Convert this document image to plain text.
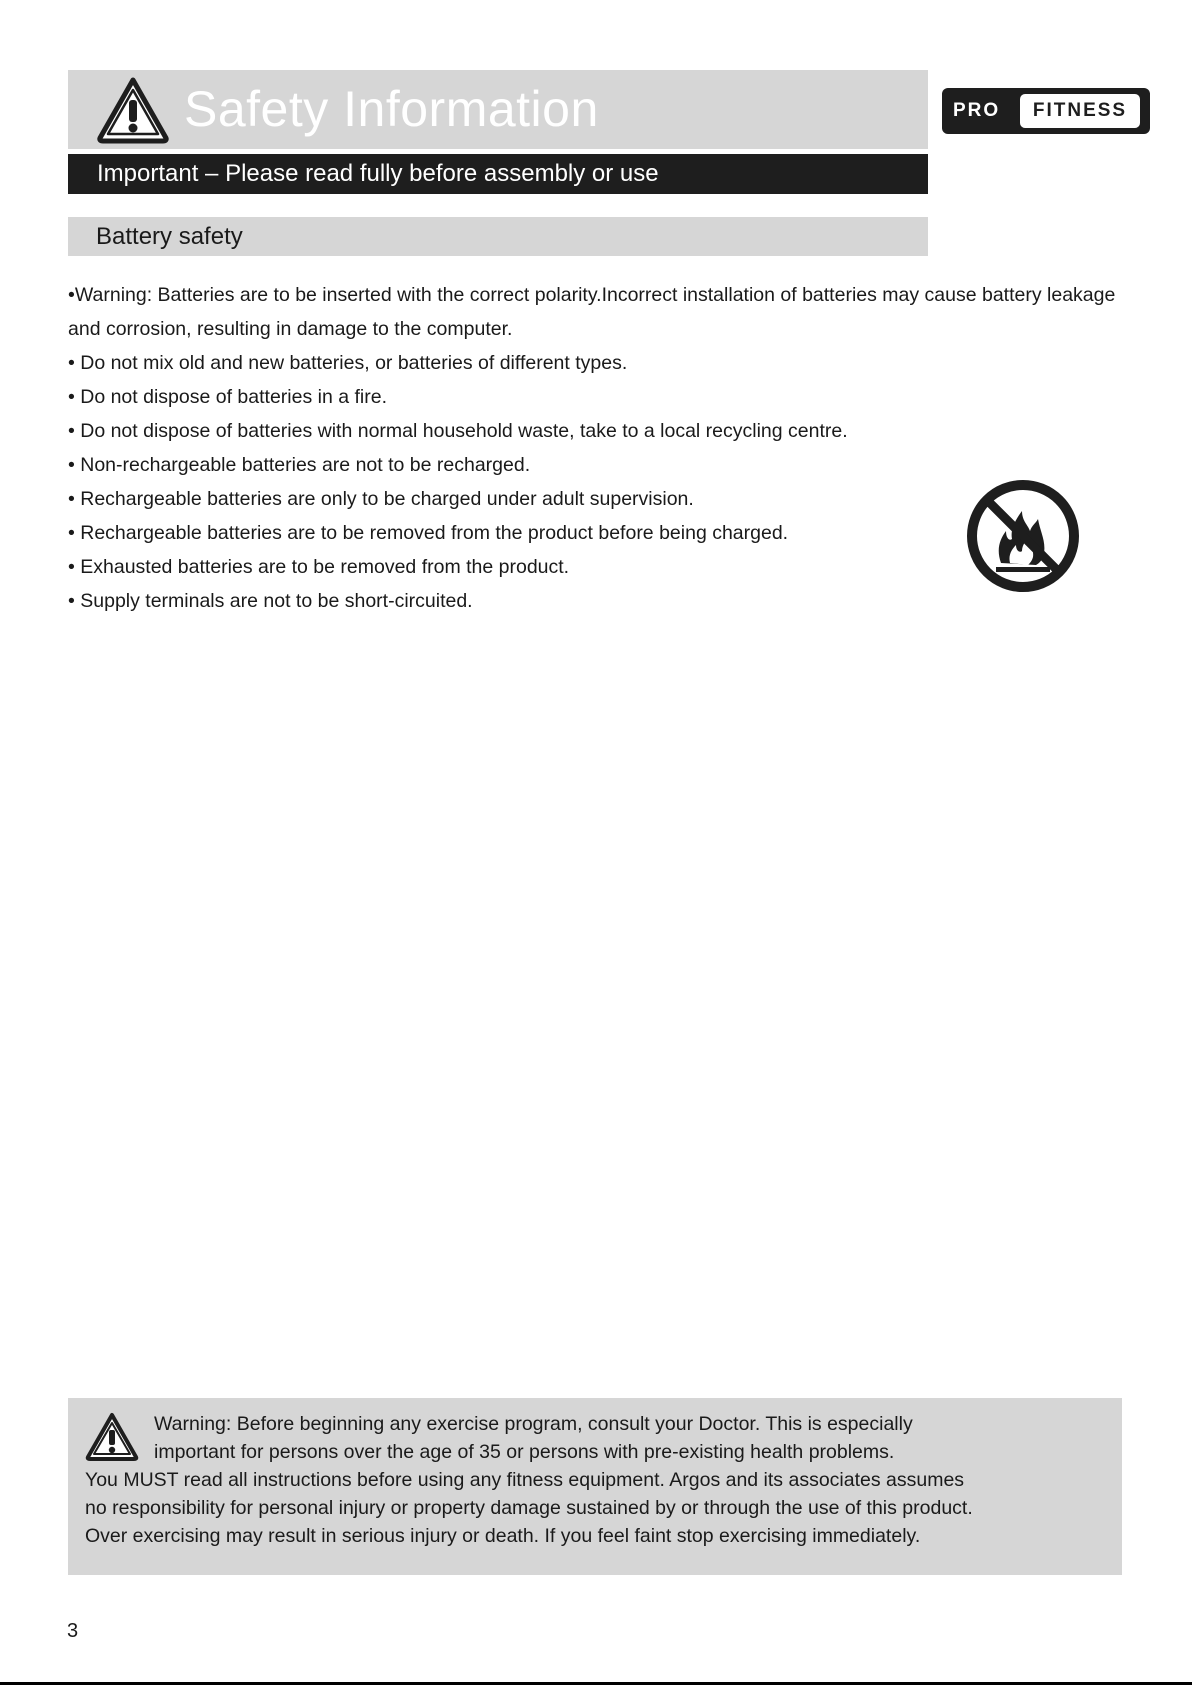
Safety Information	PRO	FITNESS
Important – Please read fully before assembly or use
Battery safety

•Warning: Batteries are to be inserted with the correct polarity.Incorrect installation of batteries may cause battery leakage and corrosion, resulting in damage to the computer.

• Do not mix old and new batteries, or batteries of different types.

• Do not dispose of batteries in a fire.

• Do not dispose of batteries with normal household waste, take to a local recycling centre.

• Non-rechargeable batteries are not to be recharged.

• Rechargeable batteries are only to be charged under adult supervision.

• Rechargeable batteries are to be removed from the product before being charged.

• Exhausted batteries are to be removed from the product.

• Supply terminals are not to be short-circuited.

Warning: Before beginning any exercise program, consult your Doctor. This is especially

important for persons over the age of 35 or persons with pre-existing health problems.

You MUST read all instructions before using any fitness equipment. Argos and its associates assumes

no responsibility for personal injury or property damage sustained by or through the use of this product.

Over exercising may result in serious injury or death. If you feel faint stop exercising immediately.

3
